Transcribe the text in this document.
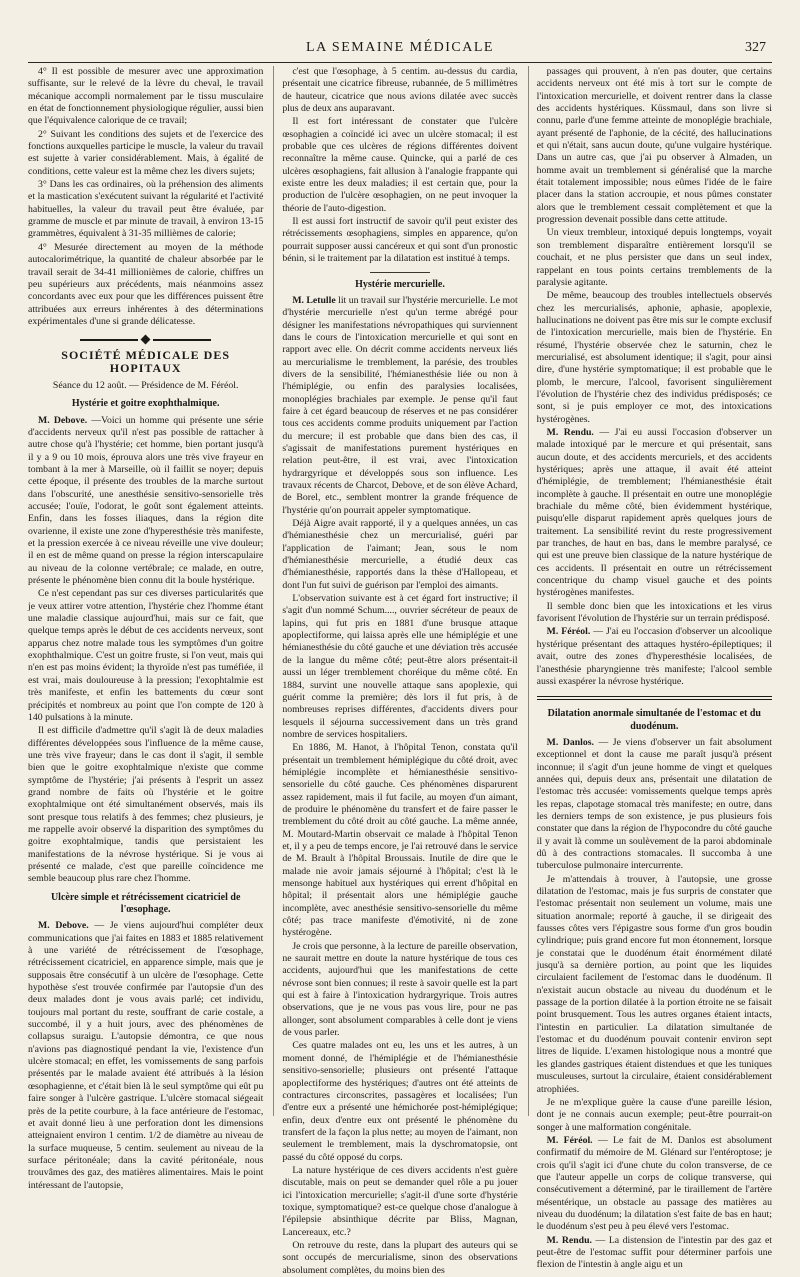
LA SEMAINE MÉDICALE	327

4° Il est possible de mesurer avec une approximation suffisante, sur le relevé de la lèvre du cheval, le travail mécanique accompli normalement par le tissu musculaire en état de fonctionnement physiologique régulier, aussi bien que l'équivalence calorique de ce travail;

2° Suivant les conditions des sujets et de l'exercice des fonctions auxquelles participe le muscle, la valeur du travail est sujette à varier considérablement. Mais, à égalité de conditions, cette valeur est la même chez les divers sujets;

3° Dans les cas ordinaires, où la préhension des aliments et la mastication s'exécutent suivant la régularité et l'activité habituelles, la valeur du travail peut être évaluée, par gramme de muscle et par minute de travail, à environ 13-15 grammètres, équivalent à 31-35 millièmes de calorie;

4° Mesurée directement au moyen de la méthode autocalorimétrique, la quantité de chaleur absorbée par le travail serait de 34-41 millionièmes de calorie, chiffres un peu supérieurs aux précédents, mais néanmoins assez concordants avec eux pour que les différences puissent être attribuées aux erreurs inhérentes à des déterminations expérimentales d'une si grande délicatesse.

SOCIÉTÉ MÉDICALE DES HOPITAUX
Séance du 12 août. — Présidence de M. Féréol.
Hystérie et goitre exophthalmique.

M. Debove. —Voici un homme qui présente une série d'accidents nerveux qu'il n'est pas possible de rattacher à autre chose qu'à l'hystérie; cet homme, bien portant jusqu'à il y a 9 ou 10 mois, éprouva alors une très vive frayeur en tombant à la mer à Marseille, où il faillit se noyer; depuis cette époque, il présente des troubles de la marche surtout dans l'obscurité, une anesthésie sensitivo-sensorielle très accusée; l'ouïe, l'odorat, le goût sont également atteints. Enfin, dans les fosses iliaques, dans la région dite ovarienne, il existe une zone d'hyperesthésie très manifeste, et la pression exercée à ce niveau réveille une vive douleur; il en est de même quand on presse la région interscapulaire au niveau de la colonne vertébrale; ce malade, en outre, présente le phénomène bien connu dit la boule hystérique.

Ce n'est cependant pas sur ces diverses particularités que je veux attirer votre attention, l'hystérie chez l'homme étant une maladie classique aujourd'hui, mais sur ce fait, que quelque temps après le début de ces accidents nerveux, sont apparus chez notre malade tous les symptômes d'un goitre exophthalmique. C'est un goitre fruste, si l'on veut, mais qui n'en est pas moins évident; la thyroïde n'est pas tuméfiée, il est vrai, mais douloureuse à la pression; l'exophtalmie est très manifeste, et enfin les battements du cœur sont précipités et nombreux au point que l'on compte de 120 à 140 pulsations à la minute.

Il est difficile d'admettre qu'il s'agit là de deux maladies différentes développées sous l'influence de la même cause, une très vive frayeur; dans le cas dont il s'agit, il semble bien que le goitre exophtalmique n'existe que comme symptôme de l'hystérie; j'ai présents à l'esprit un assez grand nombre de faits où l'hystérie et le goitre exophtalmique ont été simultanément observés, mais ils sont presque tous relatifs à des femmes; chez plusieurs, je me rappelle avoir observé la disparition des symptômes du goitre exophtalmique, tandis que persistaient les manifestations de la névrose hystérique. Si je vous ai présenté ce malade, c'est que pareille coïncidence me semble beaucoup plus rare chez l'homme.

Ulcère simple et rétrécissement cicatriciel de l'œsophage.

M. Debove. — Je viens aujourd'hui compléter deux communications que j'ai faites en 1883 et 1885 relativement à une variété de rétrécissement de l'œsophage, rétrécissement cicatriciel, en apparence simple, mais que je supposais être consécutif à un ulcère de l'œsophage. Cette hypothèse s'est trouvée confirmée par l'autopsie d'un des deux malades dont je vous avais parlé; cet individu, toujours mal portant du reste, souffrant de carie costale, a succombé, il y a huit jours, avec des phénomènes de collapsus suraigu. L'autopsie démontra, ce que nous n'avions pas diagnostiqué pendant la vie, l'existence d'un ulcère stomacal; en effet, les vomissements de sang parfois présentés par le malade avaient été attribués à la lésion œsophagienne, et c'était bien là le seul symptôme qui eût pu faire songer à l'ulcère gastrique. L'ulcère stomacal siégeait près de la petite courbure, à la face antérieure de l'estomac, et avait donné lieu à une perforation dont les dimensions atteignaient environ 1 centim. 1/2 de diamètre au niveau de la surface muqueuse, 5 centim. seulement au niveau de la surface péritonéale; dans la cavité péritonéale, nous trouvâmes des gaz, des matières alimentaires. Mais le point intéressant de l'autopsie,

c'est que l'œsophage, à 5 centim. au-dessus du cardia, présentait une cicatrice fibreuse, rubannée, de 5 millimètres de hauteur, cicatrice que nous avions dilatée avec succès plus de deux ans auparavant.

Il est fort intéressant de constater que l'ulcère œsophagien a coïncidé ici avec un ulcère stomacal; il est probable que ces ulcères de régions différentes doivent reconnaître la même cause. Quincke, qui a parlé de ces ulcères œsophagiens, fait allusion à l'analogie frappante qui existe entre les deux maladies; il est certain que, pour la production de l'ulcère œsophagien, on ne peut invoquer la théorie de l'auto-digestion.

Il est aussi fort instructif de savoir qu'il peut exister des rétrécissements œsophagiens, simples en apparence, qu'on pourrait supposer aussi cancéreux et qui sont d'un pronostic bénin, si le traitement par la dilatation est institué à temps.

Hystérie mercurielle.

M. Letulle lit un travail sur l'hystérie mercurielle. Le mot d'hystérie mercurielle n'est qu'un terme abrégé pour désigner les manifestations névropathiques qui surviennent dans le cours de l'intoxication mercurielle et qui sont en rapport avec elle. On décrit comme accidents nerveux liés au mercurialisme le tremblement, la parésie, des troubles divers de la sensibilité, l'hémianesthésie liée ou non à l'hémiplégie, ou enfin des paralysies localisées, monoplégies brachiales par exemple. Je pense qu'il faut faire à cet égard beaucoup de réserves et ne pas considérer tous ces accidents comme produits uniquement par l'action du mercure; il est probable que dans bien des cas, il s'agissait de manifestations purement hystériques en relation peut-être, il est vrai, avec l'intoxication hydrargyrique et développés sous son influence. Les travaux récents de Charcot, Debove, et de son élève Achard, de Borel, etc., semblent montrer la grande fréquence de l'hystérie qu'on pourrait appeler symptomatique.

Déjà Aigre avait rapporté, il y a quelques années, un cas d'hémianesthésie chez un mercurialisé, guéri par l'application de l'aimant; Jean, sous le nom d'hémianesthésie mercurielle, a étudié deux cas d'hémianesthésie, rapportés dans la thèse d'Hallopeau, et dont l'un fut suivi de guérison par l'emploi des aimants.

L'observation suivante est à cet égard fort instructive; il s'agit d'un nommé Schum...., ouvrier sécréteur de peaux de lapins, qui fut pris en 1881 d'une brusque attaque apoplectiforme, qui laissa après elle une hémiplégie et une hémianesthésie du côté gauche et une déviation très accusée de la langue du même côté; peut-être alors présentait-il aussi un léger tremblement choréique du même côté. En 1884, survint une nouvelle attaque sans apoplexie, qui guérit comme la première; dès lors il fut pris, à de nombreuses reprises différentes, d'accidents divers pour lesquels il séjourna successivement dans un très grand nombre de services hospitaliers.

En 1886, M. Hanot, à l'hôpital Tenon, constata qu'il présentait un tremblement hémiplégique du côté droit, avec hémiplégie incomplète et hémianesthésie sensitivo-sensorielle du côté gauche. Ces phénomènes disparurent assez rapidement, mais il fut facile, au moyen d'un aimant, de produire le phénomène du transfert et de faire passer le tremblement du côté droit au côté gauche. La même année, M. Moutard-Martin observait ce malade à l'hôpital Tenon et, il y a peu de temps encore, je l'ai retrouvé dans le service de M. Brault à l'hôpital Broussais. Inutile de dire que le malade nie avoir jamais séjourné à l'hôpital; c'est là le mensonge habituel aux hystériques qui errent d'hôpital en hôpital; il présentait alors une hémiplégie gauche incomplète, avec anesthésie sensitivo-sensorielle du même côté; pas trace manifeste d'émotivité, ni de zone hystérogène.

Je crois que personne, à la lecture de pareille observation, ne saurait mettre en doute la nature hystérique de tous ces accidents, aujourd'hui que les manifestations de cette névrose sont bien connues; il reste à savoir quelle est la part qui est à faire à l'intoxication hydrargyrique. Trois autres observations, que je ne vous pas vous lire, pour ne pas allonger, sont absolument comparables à celle dont je viens de vous parler.

Ces quatre malades ont eu, les uns et les autres, à un moment donné, de l'hémiplégie et de l'hémianesthésie sensitivo-sensorielle; plusieurs ont présenté l'attaque apoplectiforme des hystériques; d'autres ont été atteints de contractures circonscrites, passagères et localisées; l'un d'entre eux a présenté une hémichorée post-hémiplégique; enfin, deux d'entre eux ont présenté le phénomène du transfert de la façon la plus nette; au moyen de l'aimant, non seulement le tremblement, mais la dyschromatopsie, ont passé du côté opposé du corps.

La nature hystérique de ces divers accidents n'est guère discutable, mais on peut se demander quel rôle a pu jouer ici l'intoxication mercurielle; s'agit-il d'une sorte d'hystérie toxique, symptomatique? est-ce quelque chose d'analogue à l'épilepsie absinthique décrite par Bliss, Magnan, Lancereaux, etc.?

On retrouve du reste, dans la plupart des auteurs qui se sont occupés de mercurialisme, sinon des observations absolument complètes, du moins bien des

passages qui prouvent, à n'en pas douter, que certains accidents nerveux ont été mis à tort sur le compte de l'intoxication mercurielle, et doivent rentrer dans la classe des accidents hystériques. Küssmaul, dans son livre si connu, parle d'une femme atteinte de monoplégie brachiale, ayant présenté de l'aphonie, de la cécité, des hallucinations et qui n'était, sans aucun doute, qu'une vulgaire hystérique. Dans un autre cas, que j'ai pu observer à Almaden, un homme avait un tremblement si généralisé que la marche était totalement impossible; nous eûmes l'idée de le faire placer dans la station accroupie, et nous pûmes constater alors que le tremblement cessait complètement et que la progression devenait possible dans cette attitude.

Un vieux trembleur, intoxiqué depuis longtemps, voyait son tremblement disparaître entièrement lorsqu'il se couchait, et ne plus persister que dans un seul index, rappelant en tous points certains tremblements de la paralysie agitante.

De même, beaucoup des troubles intellectuels observés chez les mercurialisés, aphonie, aphasie, apoplexie, hallucinations ne doivent pas être mis sur le compte exclusif de l'intoxication mercurielle, mais bien de l'hystérie. En résumé, l'hystérie observée chez le saturnin, chez le mercurialisé, est absolument identique; il s'agit, pour ainsi dire, d'une hystérie symptomatique; il est probable que le plomb, le mercure, l'alcool, favorisent singulièrement l'évolution de l'hystérie chez des individus prédisposés; ce sont, si je puis employer ce mot, des intoxications hystérogènes.

M. Rendu. — J'ai eu aussi l'occasion d'observer un malade intoxiqué par le mercure et qui présentait, sans aucun doute, et des accidents mercuriels, et des accidents hystériques; après une attaque, il avait été atteint d'hémiplégie, de tremblement; l'hémianesthésie était incomplète à gauche. Il présentait en outre une monoplégie brachiale du même côté, bien évidemment hystérique, puisqu'elle disparut rapidement après quelques jours de traitement. La sensibilité revint du reste progressivement par tranches, de haut en bas, dans le membre paralysé, ce qui est une preuve bien classique de la nature hystérique de ces accidents. Il présentait en outre un rétrécissement concentrique du champ visuel gauche et des points hystérogènes manifestes.

Il semble donc bien que les intoxications et les virus favorisent l'évolution de l'hystérie sur un terrain prédisposé.

M. Féréol. — J'ai eu l'occasion d'observer un alcoolique hystérique présentant des attaques hystéro-épileptiques; il avait, outre des zones d'hyperesthésie localisées, de l'anesthésie pharyngienne très manifeste; l'alcool semble aussi exaspérer la névrose hystérique.

Dilatation anormale simultanée de l'estomac et du duodénum.

M. Danlos. — Je viens d'observer un fait absolument exceptionnel et dont la cause me paraît jusqu'à présent inconnue; il s'agit d'un jeune homme de vingt et quelques années qui, depuis deux ans, présentait une dilatation de l'estomac très accusée: vomissements quelque temps après les repas, clapotage stomacal très manifeste; en outre, dans les derniers temps de son existence, je pus plusieurs fois constater que dans la région de l'hypocondre du côté gauche il y avait là comme un soulèvement de la paroi abdominale dû à des contractions stomacales. Il succomba à une tuberculose pulmonaire intercurrente.

Je m'attendais à trouver, à l'autopsie, une grosse dilatation de l'estomac, mais je fus surpris de constater que l'estomac présentait non seulement un volume, mais une situation anormale; reporté à gauche, il se dirigeait des fausses côtes vers l'épigastre sous forme d'un gros boudin cylindrique; puis grand encore fut mon étonnement, lorsque je constatai que le duodénum était énormément dilaté jusqu'à sa dernière portion, au point que les liquides circulaient facilement de l'estomac dans le duodénum. Il n'existait aucun obstacle au niveau du duodénum et le passage de la portion dilatée à la portion étroite ne se faisait point brusquement. Tous les autres organes étaient intacts, l'intestin en particulier. La dilatation simultanée de l'estomac et du duodénum pouvait contenir environ sept litres de liquide. L'examen histologique nous a montré que les glandes gastriques étaient distendues et que les tuniques musculeuses, surtout la circulaire, étaient considérablement atrophiées.

Je ne m'explique guère la cause d'une pareille lésion, dont je ne connais aucun exemple; peut-être pourrait-on songer à une malformation congénitale.

M. Féréol. — Le fait de M. Danlos est absolument confirmatif du mémoire de M. Glénard sur l'entéroptose; je crois qu'il s'agit ici d'une chute du colon transverse, de ce que l'auteur appelle un corps de colique transverse, qui consécutivement a déterminé, par le tiraillement de l'artère mésentérique, un obstacle au passage des matières au niveau du duodénum; la dilatation s'est faite de bas en haut; le duodénum s'est peu à peu élevé vers l'estomac.

M. Rendu. — La distension de l'intestin par des gaz et peut-être de l'estomac suffit pour déterminer parfois une flexion de l'intestin à angle aigu et un
